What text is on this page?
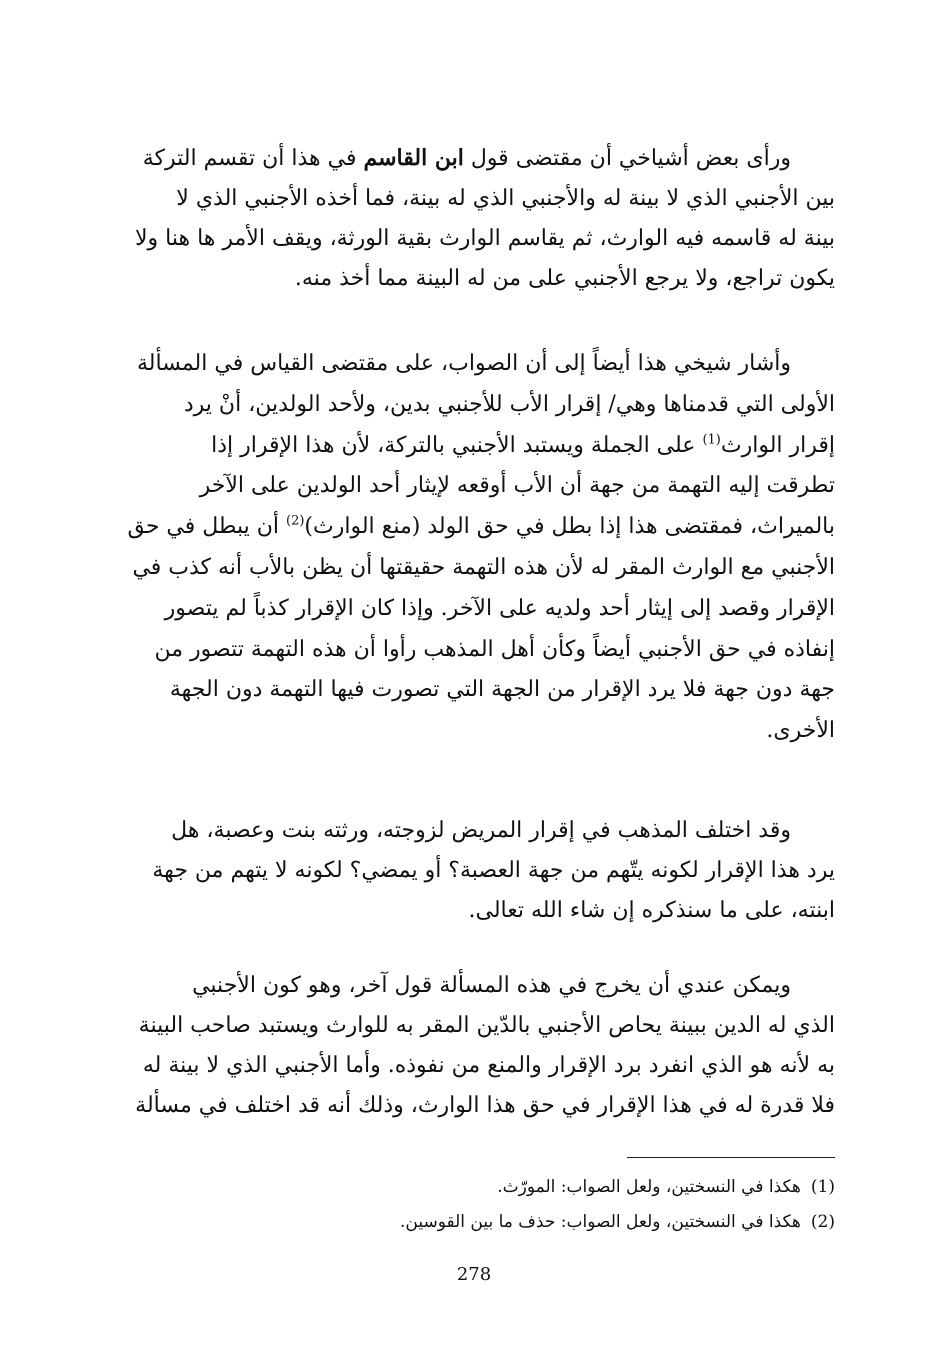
ورأى بعض أشياخي أن مقتضى قول ابن القاسم في هذا أن تقسم التركة
بين الأجنبي الذي لا بينة له والأجنبي الذي له بينة، فما أخذه الأجنبي الذي لا
بينة له قاسمه فيه الوارث، ثم يقاسم الوارث بقية الورثة، ويقف الأمر ها هنا ولا
يكون تراجع، ولا يرجع الأجنبي على من له البينة مما أخذ منه.
وأشار شيخي هذا أيضاً إلى أن الصواب، على مقتضى القياس في المسألة
الأولى التي قدمناها وهي/ إقرار الأب للأجنبي بدين، ولأحد الولدين، أنْ يرد
إقرار الوارث$^{(1)}$ على الجملة ويستبد الأجنبي بالتركة، لأن هذا الإقرار إذا
تطرقت إليه التهمة من جهة أن الأب أوقعه لإيثار أحد الولدين على الآخر
بالميراث، فمقتضى هذا إذا بطل في حق الولد (منع الوارث)$^{(2)}$ أن يبطل في حق
الأجنبي مع الوارث المقر له لأن هذه التهمة حقيقتها أن يظن بالأب أنه كذب في
الإقرار وقصد إلى إيثار أحد ولديه على الآخر. وإذا كان الإقرار كذباً لم يتصور
إنفاذه في حق الأجنبي أيضاً وكأن أهل المذهب رأوا أن هذه التهمة تتصور من
جهة دون جهة فلا يرد الإقرار من الجهة التي تصورت فيها التهمة دون الجهة
الأخرى.
وقد اختلف المذهب في إقرار المريض لزوجته، ورثته بنت وعصبة، هل
يرد هذا الإقرار لكونه يتّهم من جهة العصبة؟ أو يمضي؟ لكونه لا يتهم من جهة
ابنته، على ما سنذكره إن شاء الله تعالى.
ويمكن عندي أن يخرج في هذه المسألة قول آخر، وهو كون الأجنبي
الذي له الدين ببينة يحاص الأجنبي بالدّين المقر به للوارث ويستبد صاحب البينة
به لأنه هو الذي انفرد برد الإقرار والمنع من نفوذه. وأما الأجنبي الذي لا بينة له
فلا قدرة له في هذا الإقرار في حق هذا الوارث، وذلك أنه قد اختلف في مسألة
(1)هكذا في النسختين، ولعل الصواب: المورّث.
(2)هكذا في النسختين، ولعل الصواب: حذف ما بين القوسين.
278
